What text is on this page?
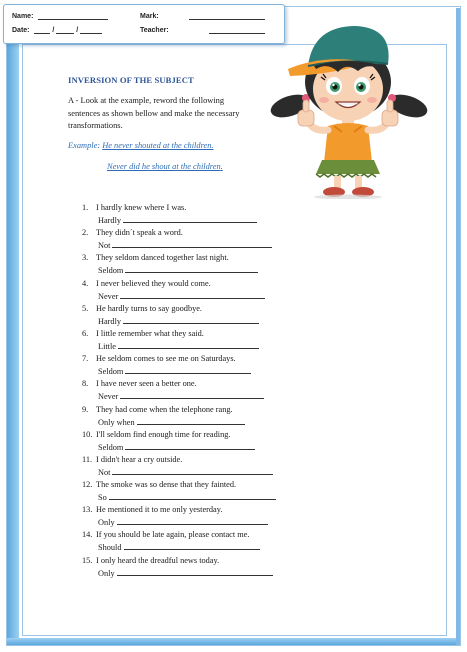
Name:	Mark:
Date:	/	/	Teacher:
INVERSION OF THE SUBJECT
A - Look at the example, reword the following sentences as shown bellow and make the necessary transformations.
Example: He never shouted at the children.
Never did he shout at the children.
1. I hardly knew where I was.
Hardly
2. They didn´t speak a word.
Not
3. They seldom danced together last night.
Seldom
4. I never believed they would come.
Never
5. He hardly turns to say goodbye.
Hardly
6. I little remember what they said.
Little
7. He seldom comes to see me on Saturdays.
Seldom
8. I have never seen a better one.
Never
9. They had come when the telephone rang.
Only when
10. I'll seldom find enough time for reading.
Seldom
11. I didn't hear a cry outside.
Not
12. The smoke was so dense that they fainted.
So
13. He mentioned it to me only yesterday.
Only
14. If you should be late again, please contact me.
Should
15. I only heard the dreadful news today.
Only
